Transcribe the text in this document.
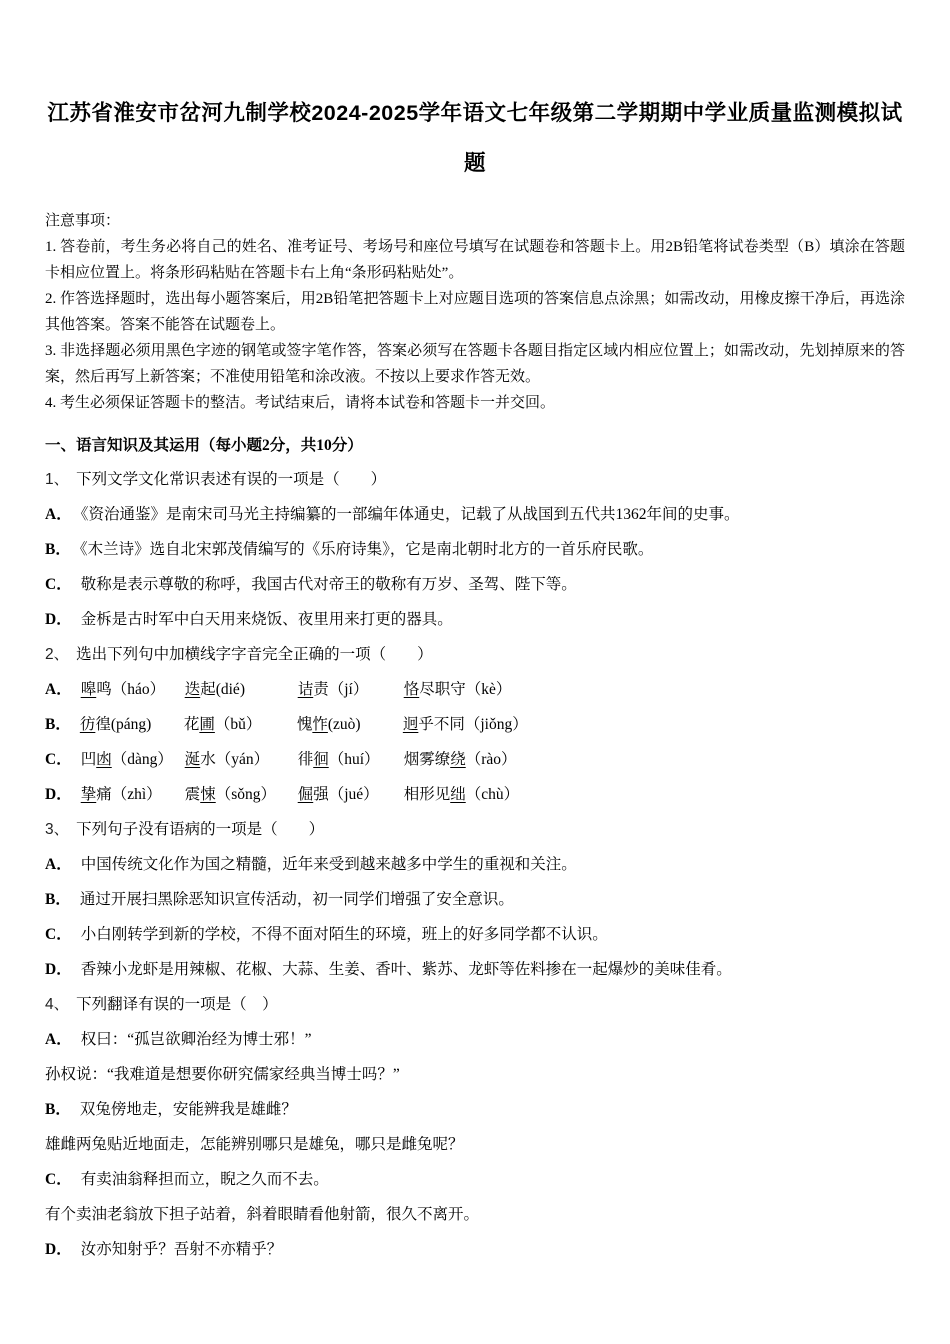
江苏省淮安市岔河九制学校2024-2025学年语文七年级第二学期期中学业质量监测模拟试题

注意事项：

1. 答卷前，考生务必将自己的姓名、准考证号、考场号和座位号填写在试题卷和答题卡上。用2B铅笔将试卷类型（B）填涂在答题卡相应位置上。将条形码粘贴在答题卡右上角“条形码粘贴处”。

2. 作答选择题时，选出每小题答案后，用2B铅笔把答题卡上对应题目选项的答案信息点涂黑；如需改动，用橡皮擦干净后，再选涂其他答案。答案不能答在试题卷上。

3. 非选择题必须用黑色字迹的钢笔或签字笔作答，答案必须写在答题卡各题目指定区域内相应位置上；如需改动，先划掉原来的答案，然后再写上新答案；不准使用铅笔和涂改液。不按以上要求作答无效。

4. 考生必须保证答题卡的整洁。考试结束后，请将本试卷和答题卡一并交回。

一、语言知识及其运用（每小题2分，共10分）

1、 下列文学文化常识表述有误的一项是（　　）

A． 《资治通鉴》是南宋司马光主持编纂的一部编年体通史，记载了从战国到五代共1362年间的史事。

B． 《木兰诗》选自北宋郭茂倩编写的《乐府诗集》，它是南北朝时北方的一首乐府民歌。

C． 敬称是表示尊敬的称呼，我国古代对帝王的敬称有万岁、圣驾、陛下等。

D． 金柝是古时军中白天用来烧饭、夜里用来打更的器具。

2、 选出下列句中加横线字字音完全正确的一项（　　）

A． 嗥鸣（háo）	迭起(dié)	诘责（jí）	恪尽职守（kè）
B． 彷徨(páng)	花圃（bǔ）	愧怍(zuò)	迥乎不同（jiǒng）
C． 凹凼（dàng） 涎水（yán）	徘徊（huí）	烟雾缭绕（rào）
D． 挚痛（zhì）	震悚（sǒng）	倔强（jué）	相形见绌（chù）

3、 下列句子没有语病的一项是（　　）

A． 中国传统文化作为国之精髓，近年来受到越来越多中学生的重视和关注。

B． 通过开展扫黑除恶知识宣传活动，初一同学们增强了安全意识。

C． 小白刚转学到新的学校，不得不面对陌生的环境，班上的好多同学都不认识。

D． 香辣小龙虾是用辣椒、花椒、大蒜、生姜、香叶、紫苏、龙虾等佐料掺在一起爆炒的美味佳肴。

4、 下列翻译有误的一项是（　）

A． 权曰：“孤岂欲卿治经为博士邪！”

孙权说：“我难道是想要你研究儒家经典当博士吗？”

B． 双兔傍地走，安能辨我是雄雌？

雄雌两兔贴近地面走，怎能辨别哪只是雄兔，哪只是雌兔呢？

C． 有卖油翁释担而立，睨之久而不去。

有个卖油老翁放下担子站着，斜着眼睛看他射箭，很久不离开。

D． 汝亦知射乎？吾射不亦精乎？
